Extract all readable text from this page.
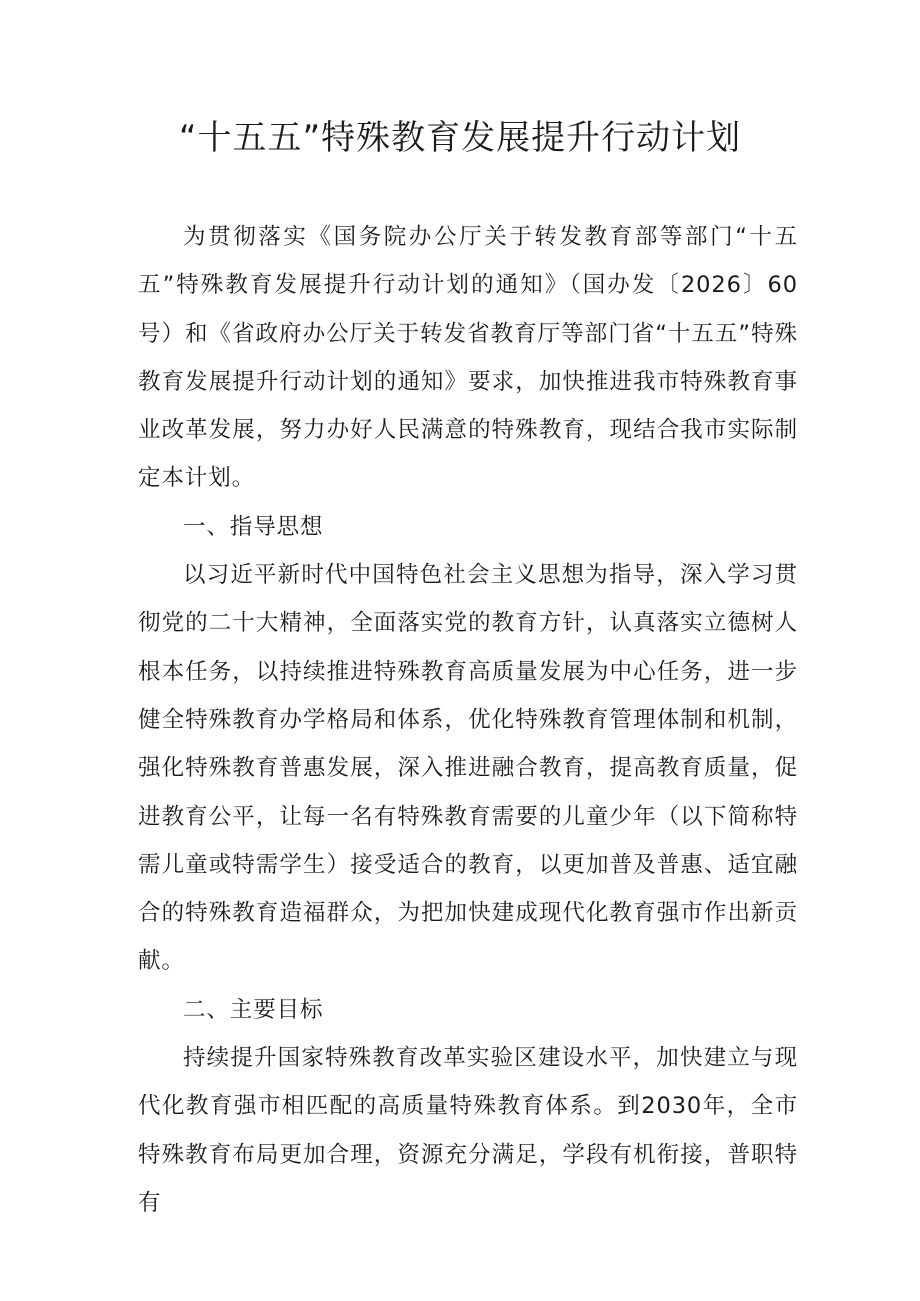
“十五五”特殊教育发展提升行动计划

为贯彻落实《国务院办公厅关于转发教育部等部门“十五五”特殊教育发展提升行动计划的通知》（国办发〔2026〕60号）和《省政府办公厅关于转发省教育厅等部门省“十五五”特殊教育发展提升行动计划的通知》要求，加快推进我市特殊教育事业改革发展，努力办好人民满意的特殊教育，现结合我市实际制定本计划。

一、指导思想

以习近平新时代中国特色社会主义思想为指导，深入学习贯彻党的二十大精神，全面落实党的教育方针，认真落实立德树人根本任务，以持续推进特殊教育高质量发展为中心任务，进一步健全特殊教育办学格局和体系，优化特殊教育管理体制和机制，强化特殊教育普惠发展，深入推进融合教育，提高教育质量，促进教育公平，让每一名有特殊教育需要的儿童少年（以下简称特需儿童或特需学生）接受适合的教育，以更加普及普惠、适宜融合的特殊教育造福群众，为把加快建成现代化教育强市作出新贡献。

二、主要目标

持续提升国家特殊教育改革实验区建设水平，加快建立与现代化教育强市相匹配的高质量特殊教育体系。到2030年，全市特殊教育布局更加合理，资源充分满足，学段有机衔接，普职特有
